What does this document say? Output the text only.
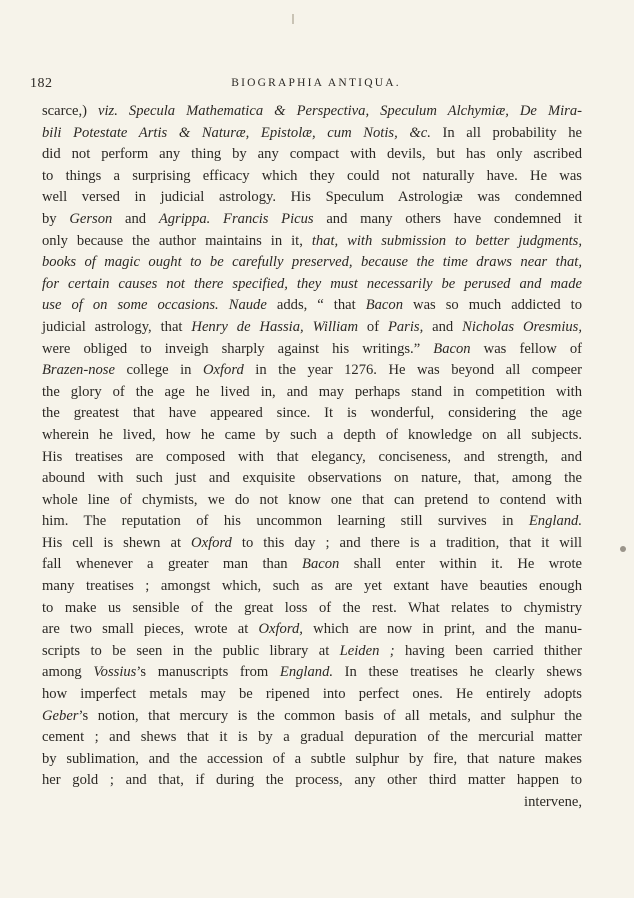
182	BIOGRAPHIA ANTIQUA.
scarce,) viz. Specula Mathematica & Perspectiva, Speculum Alchymiæ, De Mira-
bili Potestate Artis & Naturæ, Epistolæ, cum Notis, &c. In all probability he
did not perform any thing by any compact with devils, but has only ascribed
to things a surprising efficacy which they could not naturally have. He was
well versed in judicial astrology. His Speculum Astrologiæ was condemned
by Gerson and Agrippa. Francis Picus and many others have condemned it
only because the author maintains in it, that, with submission to better judgments,
books of magic ought to be carefully preserved, because the time draws near that,
for certain causes not there specified, they must necessarily be perused and made
use of on some occasions. Naude adds, “ that Bacon was so much addicted to
judicial astrology, that Henry de Hassia, William of Paris, and Nicholas Oresmius,
were obliged to inveigh sharply against his writings.” Bacon was fellow of
Brazen-nose college in Oxford in the year 1276. He was beyond all compeer
the glory of the age he lived in, and may perhaps stand in competition with
the greatest that have appeared since. It is wonderful, considering the age
wherein he lived, how he came by such a depth of knowledge on all subjects.
His treatises are composed with that elegancy, conciseness, and strength, and
abound with such just and exquisite observations on nature, that, among the
whole line of chymists, we do not know one that can pretend to contend with
him. The reputation of his uncommon learning still survives in England.
His cell is shewn at Oxford to this day ; and there is a tradition, that it will
fall whenever a greater man than Bacon shall enter within it. He wrote
many treatises ; amongst which, such as are yet extant have beauties enough
to make us sensible of the great loss of the rest. What relates to chymistry
are two small pieces, wrote at Oxford, which are now in print, and the manu-
scripts to be seen in the public library at Leiden ; having been carried thither
among Vossius’s manuscripts from England. In these treatises he clearly shews
how imperfect metals may be ripened into perfect ones. He entirely adopts
Geber’s notion, that mercury is the common basis of all metals, and sulphur the
cement ; and shews that it is by a gradual depuration of the mercurial matter
by sublimation, and the accession of a subtle sulphur by fire, that nature makes
her gold ; and that, if during the process, any other third matter happen to
intervene,
